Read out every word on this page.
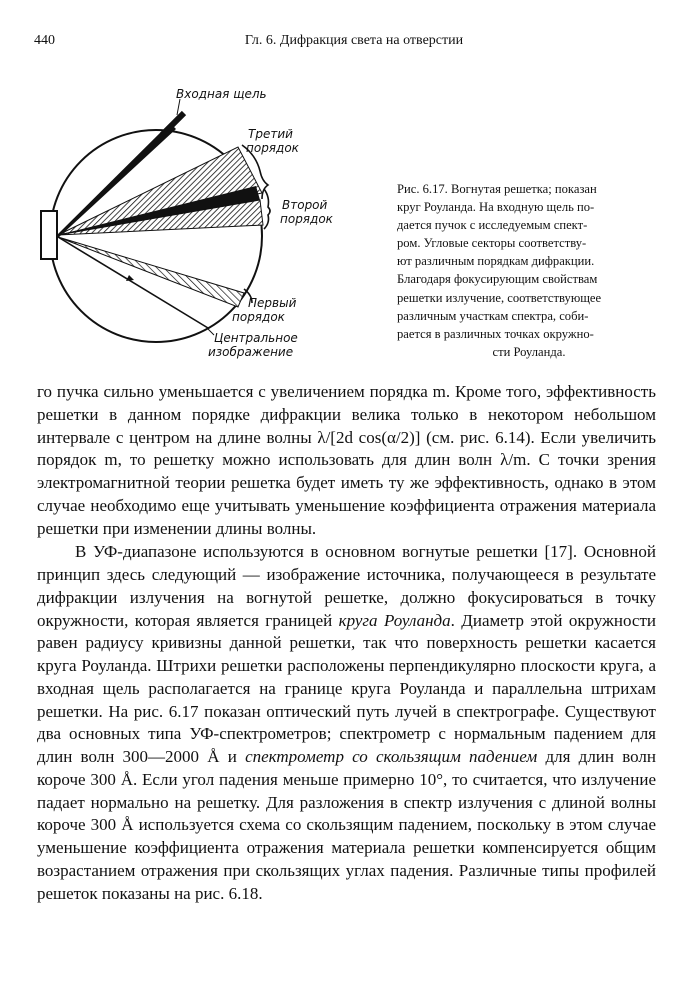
440	Гл. 6. Дифракция света на отверстии
Входная щель
Третий
порядок
Второй
порядок
Первый
порядок
Центральное
изображение
Рис. 6.17. Вогнутая решетка; показан
круг Роуланда. На входную щель по-
дается пучок с исследуемым спект-
ром. Угловые секторы соответству-
ют различным порядкам дифракции.
Благодаря фокусирующим свойствам
решетки излучение, соответствующее
различным участкам спектра, соби-
рается в различных точках окружно-
сти Роуланда.

го пучка сильно уменьшается с увеличением порядка m. Кроме того, эффективность решетки в данном порядке дифракции велика только в некотором небольшом интервале с центром на длине волны λ/[2d cos(α/2)] (см. рис. 6.14). Если увеличить порядок m, то решетку можно использовать для длин волн λ/m. С точки зрения электромагнитной теории решетка будет иметь ту же эффективность, однако в этом случае необходимо еще учитывать уменьшение коэффициента отражения материала решетки при изменении длины волны.

В УФ-диапазоне используются в основном вогнутые решетки [17]. Основной принцип здесь следующий — изображение источника, получающееся в результате дифракции излучения на вогнутой решетке, должно фокусироваться в точку окружности, которая является границей круга Роуланда. Диаметр этой окружности равен радиусу кривизны данной решетки, так что поверхность решетки касается круга Роуланда. Штрихи решетки расположены перпендикулярно плоскости круга, а входная щель располагается на границе круга Роуланда и параллельна штрихам решетки. На рис. 6.17 показан оптический путь лучей в спектрографе. Существуют два основных типа УФ-спектрометров; спектрометр с нормальным падением для длин волн 300—2000 Å и спектрометр со скользящим падением для длин волн короче 300 Å. Если угол падения меньше примерно 10°, то считается, что излучение падает нормально на решетку. Для разложения в спектр излучения с длиной волны короче 300 Å используется схема со скользящим падением, поскольку в этом случае уменьшение коэффициента отражения материала решетки компенсируется общим возрастанием отражения при скользящих углах падения. Различные типы профилей решеток показаны на рис. 6.18.
